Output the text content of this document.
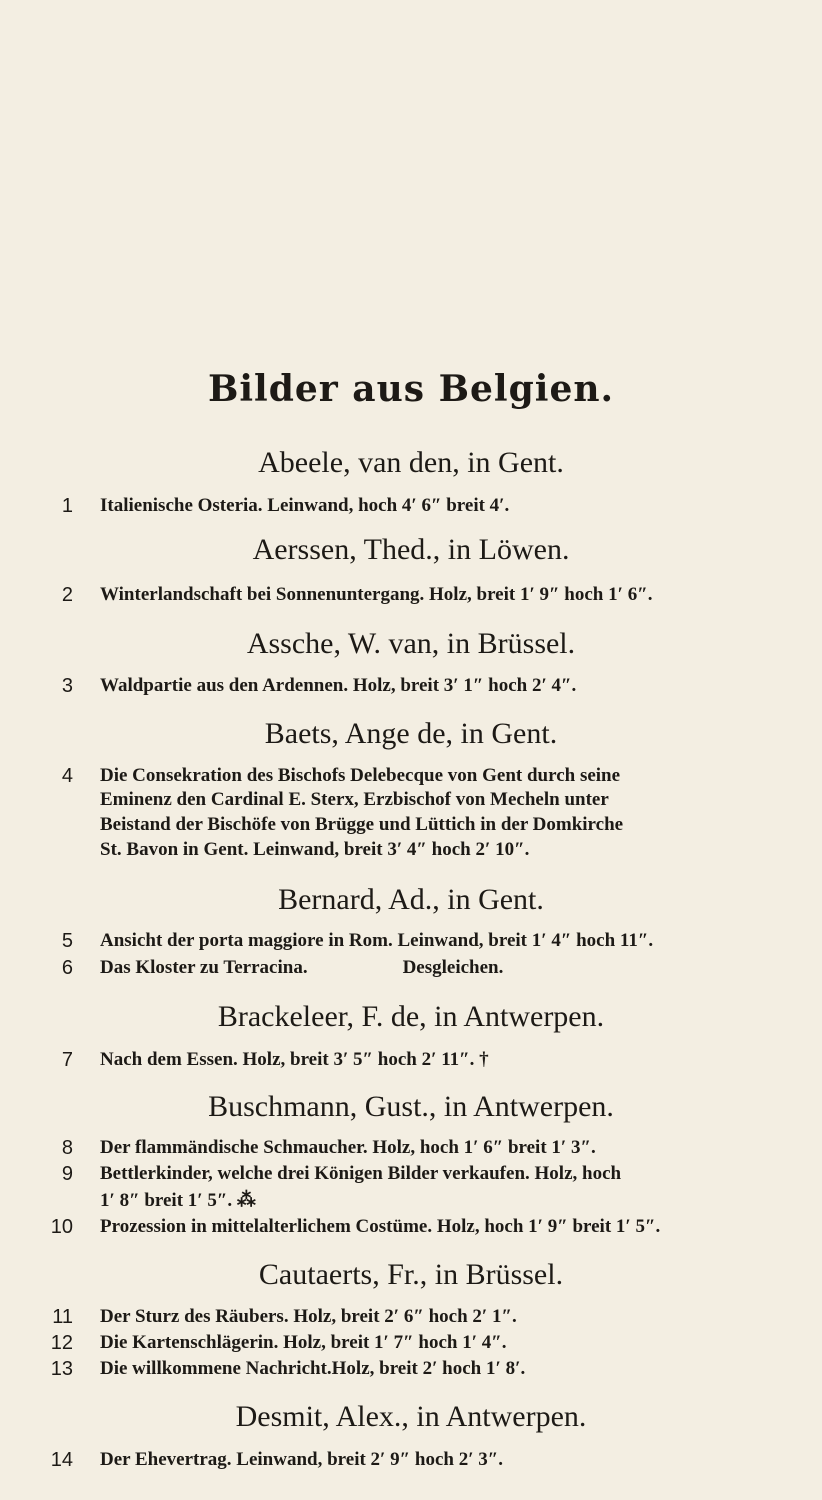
Bilder aus Belgien.
Abeele, van den, in Gent.
1 Italienische Osteria. Leinwand, hoch 4′ 6″ breit 4′.
Aerssen, Thed., in Löwen.
2 Winterlandschaft bei Sonnenuntergang. Holz, breit 1′ 9″ hoch 1′ 6″.
Assche, W. van, in Brüssel.
3 Waldpartie aus den Ardennen. Holz, breit 3′ 1″ hoch 2′ 4″.
Baets, Ange de, in Gent.
4 Die Consekration des Bischofs Delebecque von Gent durch seine
Eminenz den Cardinal E. Sterx, Erzbischof von Mecheln unter
Beistand der Bischöfe von Brügge und Lüttich in der Domkirche
St. Bavon in Gent. Leinwand, breit 3′ 4″ hoch 2′ 10″.
Bernard, Ad., in Gent.
5 Ansicht der porta maggiore in Rom. Leinwand, breit 1′ 4″ hoch 11″.
6 Das Kloster zu Terracina.                    Desgleichen.
Brackeleer, F. de, in Antwerpen.
7 Nach dem Essen. Holz, breit 3′ 5″ hoch 2′ 11″. †
Buschmann, Gust., in Antwerpen.
8 Der flammändische Schmaucher. Holz, hoch 1′ 6″ breit 1′ 3″.
9 Bettlerkinder, welche drei Königen Bilder verkaufen. Holz, hoch
1′ 8″ breit 1′ 5″. ⁂
10 Prozession in mittelalterlichem Costüme. Holz, hoch 1′ 9″ breit 1′ 5″.
Cautaerts, Fr., in Brüssel.
11 Der Sturz des Räubers. Holz, breit 2′ 6″ hoch 2′ 1″.
12 Die Kartenschlägerin. Holz, breit 1′ 7″ hoch 1′ 4″.
13 Die willkommene Nachricht.Holz, breit 2′ hoch 1′ 8′.
Desmit, Alex., in Antwerpen.
14 Der Ehevertrag. Leinwand, breit 2′ 9″ hoch 2′ 3″.
